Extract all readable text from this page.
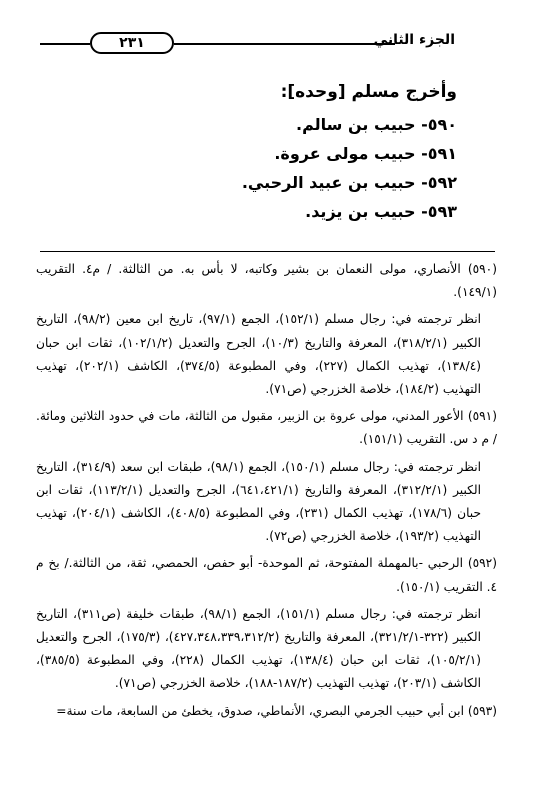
٢٣١	الجزء الثاني
وأخرج مسلم [وحده]:
٥٩٠- حبيب بن سالم.
٥٩١- حبيب مولى عروة.
٥٩٢- حبيب بن عبيد الرحبي.
٥٩٣- حبيب بن يزيد.

(٥٩٠) الأنصاري، مولى النعمان بن بشير وكاتبه، لا بأس به. من الثالثة. / م٤. التقريب (١٤٩/١).

انظر ترجمته في: رجال مسلم (١٥٢/١)، الجمع (٩٧/١)، تاريخ ابن معين (٩٨/٢)، التاريخ الكبير (٣١٨/٢/١)، المعرفة والتاريخ (١٠/٣)، الجرح والتعديل (١٠٢/١/٢)، ثقات ابن حبان (١٣٨/٤)، تهذيب الكمال (٢٢٧)، وفي المطبوعة (٣٧٤/٥)، الكاشف (٢٠٢/١)، تهذيب التهذيب (١٨٤/٢)، خلاصة الخزرجي (ص٧١).

(٥٩١) الأعور المدني، مولى عروة بن الزبير، مقبول من الثالثة، مات في حدود الثلاثين ومائة. / م د س. التقريب (١٥١/١).

انظر ترجمته في: رجال مسلم (١٥٠/١)، الجمع (٩٨/١)، طبقات ابن سعد (٣١٤/٩)، التاريخ الكبير (٣١٢/٢/١)، المعرفة والتاريخ (٦٤١،٤٢١/١)، الجرح والتعديل (١١٣/٢/١)، ثقات ابن حبان (١٧٨/٦)، تهذيب الكمال (٢٣١)، وفي المطبوعة (٤٠٨/٥)، الكاشف (٢٠٤/١)، تهذيب التهذيب (١٩٣/٢)، خلاصة الخزرجي (ص٧٢).

(٥٩٢) الرحبي -بالمهملة المفتوحة، ثم الموحدة- أبو حفص، الحمصي، ثقة، من الثالثة./ بخ م ٤. التقريب (١٥٠/١).

انظر ترجمته في: رجال مسلم (١٥١/١)، الجمع (٩٨/١)، طبقات خليفة (ص٣١١)، التاريخ الكبير (٣٢٢-٣٢١/٢/١)، المعرفة والتاريخ (٤٢٧،٣٤٨،٣٣٩،٣١٢/٢)، (١٧٥/٣)، الجرح والتعديل (١٠٥/٢/١)، ثقات ابن حبان (١٣٨/٤)، تهذيب الكمال (٢٢٨)، وفي المطبوعة (٣٨٥/٥)، الكاشف (٢٠٣/١)، تهذيب التهذيب (١٨٧/٢-١٨٨)، خلاصة الخزرجي (ص٧١).

(٥٩٣) ابن أبي حبيب الجرمي البصري، الأنماطي، صدوق، يخطئ من السابعة، مات سنة=
